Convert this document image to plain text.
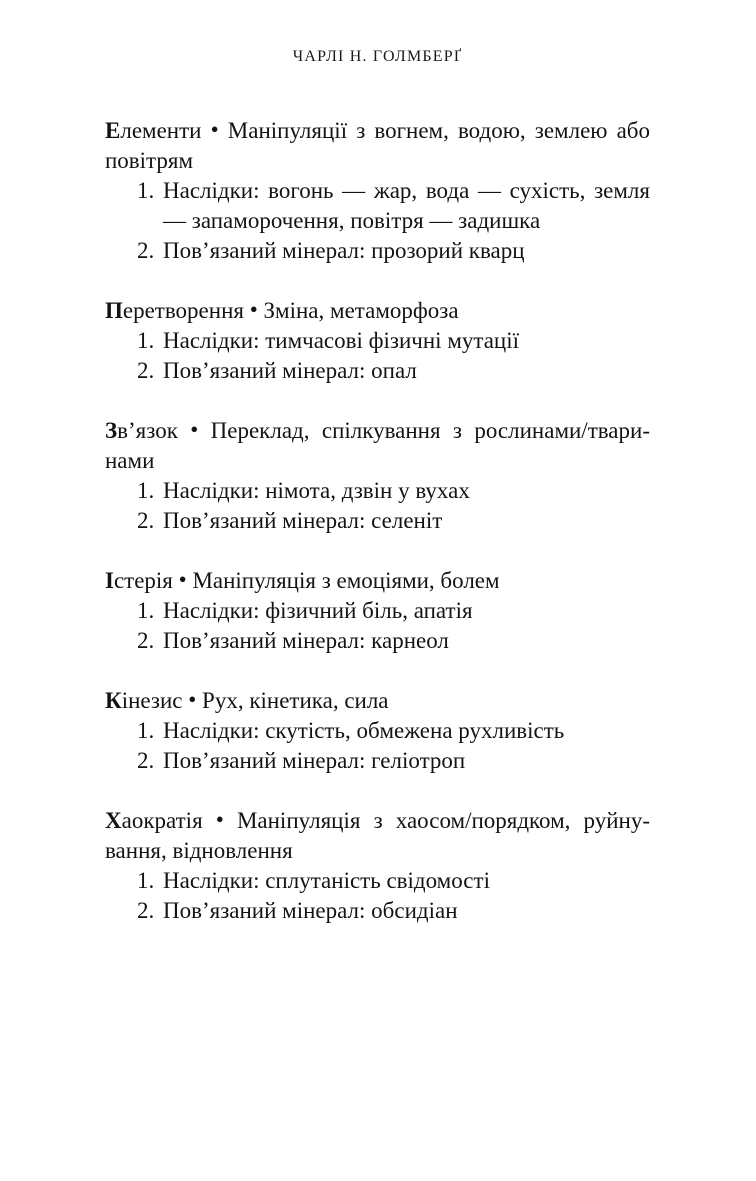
ЧАРЛІ Н. ГОЛМБЕРҐ

Елементи • Маніпуляції з вогнем, водою, землею або повітрям

1. Наслідки: вогонь — жар, вода — сухість, земля — запаморочення, повітря — задишка
2. Пов’язаний мінерал: прозорий кварц

Перетворення • Зміна, метаморфоза

1. Наслідки: тимчасові фізичні мутації
2. Пов’язаний мінерал: опал

Зв’язок • Переклад, спілкування з рослинами/тваринами

1. Наслідки: німота, дзвін у вухах
2. Пов’язаний мінерал: селеніт

Істерія • Маніпуляція з емоціями, болем

1. Наслідки: фізичний біль, апатія
2. Пов’язаний мінерал: карнеол

Кінезис • Рух, кінетика, сила

1. Наслідки: скутість, обмежена рухливість
2. Пов’язаний мінерал: геліотроп

Хаократія • Маніпуляція з хаосом/порядком, руйнування, відновлення

1. Наслідки: сплутаність свідомості
2. Пов’язаний мінерал: обсидіан
